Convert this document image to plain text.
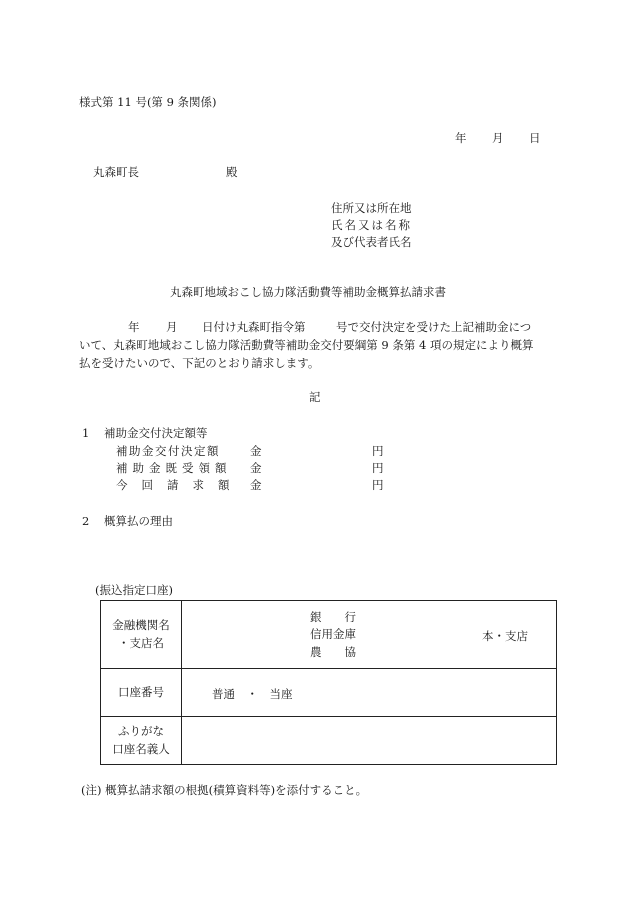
様式第 11 号(第 9 条関係)
年 月 日
丸森町長	殿
住所又は所在地
氏名又は名称
及び代表者氏名
丸森町地域おこし協力隊活動費等補助金概算払請求書
年 月 日付け丸森町指令第	号で交付決定を受けた上記補助金につ
いて、丸森町地域おこし協力隊活動費等補助金交付要綱第 9 条第 4 項の規定により概算
払を受けたいので、下記のとおり請求します。
記
1 補助金交付決定額等
補助金交付決定額	金	円
補助金既受領額 金	円
今回請求額 金	円
2 概算払の理由
(振込指定口座)
金融機関名
・支店名	銀　　行
信用金庫
農　　協
本・支店

口座番号	普通　・　当座

ふりがな
口座名義人	

(注) 概算払請求額の根拠(積算資料等)を添付すること。
